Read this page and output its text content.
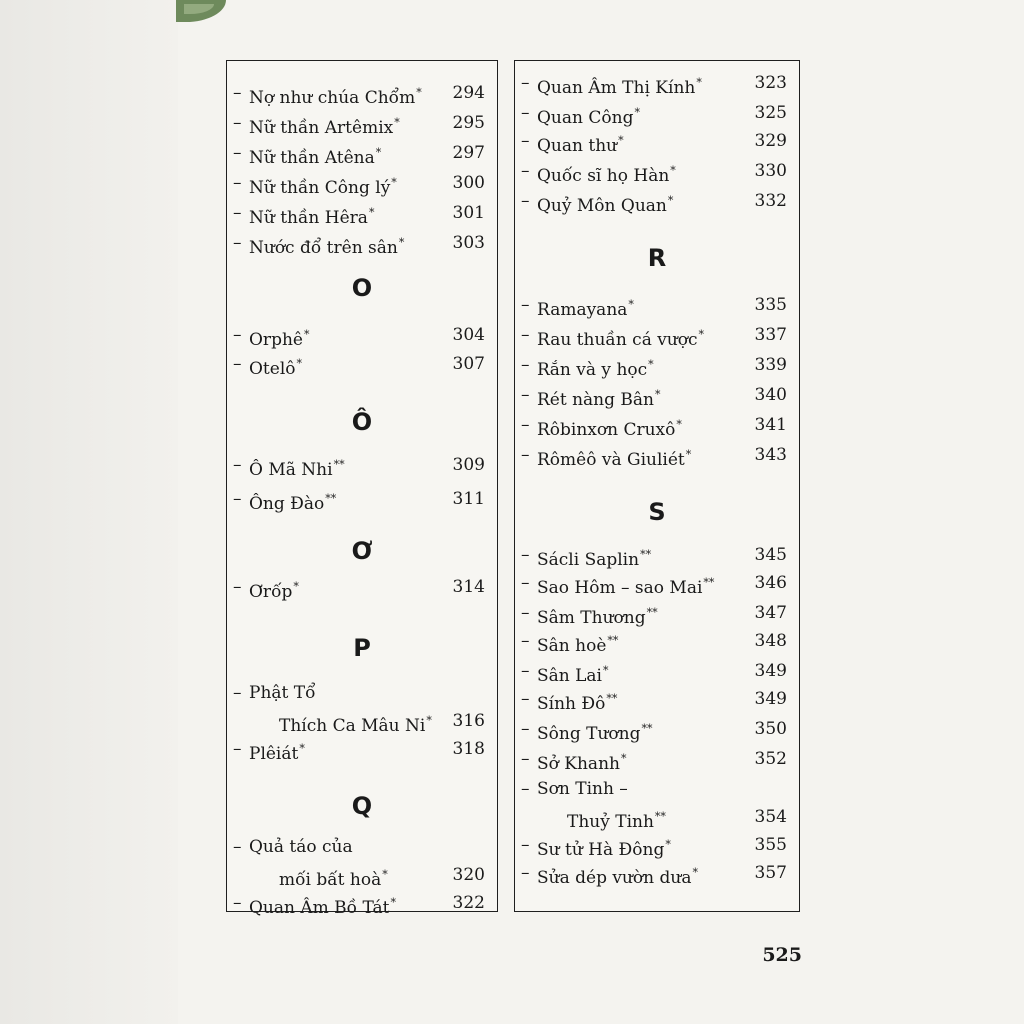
– Nợ như chúa Chổm* 294
– Nữ thần Artêmix*	295
– Nữ thần Atêna*	297
– Nữ thần Công lý*	300
– Nữ thần Hêra*	301
– Nước đổ trên sân*	303
O
– Orphê*	304
– Otelô*	307
Ô
– Ô Mã Nhi**	309
– Ông Đào**	311
Ơ
– Ơrốp*	314
P
– Phật Tổ
Thích Ca Mâu Ni* 316
– Plêiát*	318
Q
– Quả táo của
mối bất hoà*	320
– Quan Âm Bồ Tát*	322
– Quan Âm Thị Kính*	323
– Quan Công*	325
– Quan thư*	329
– Quốc sĩ họ Hàn*	330
– Quỷ Môn Quan*	332
R
– Ramayana*	335
– Rau thuần cá vược*	337
– Rắn và y học*	339
– Rét nàng Bân*	340
– Rôbinxơn Cruxô*	341
– Rômêô và Giuliét*	343
S
– Sácli Saplin**	345
– Sao Hôm – sao Mai** 346
– Sâm Thương**	347
– Sân hoè**	348
– Sân Lai*	349
– Sính Đô**	349
– Sông Tương**	350
– Sở Khanh*	352
– Sơn Tinh –
Thuỷ Tinh**	354
– Sư tử Hà Đông*	355
– Sửa dép vườn dưa*	357
525
